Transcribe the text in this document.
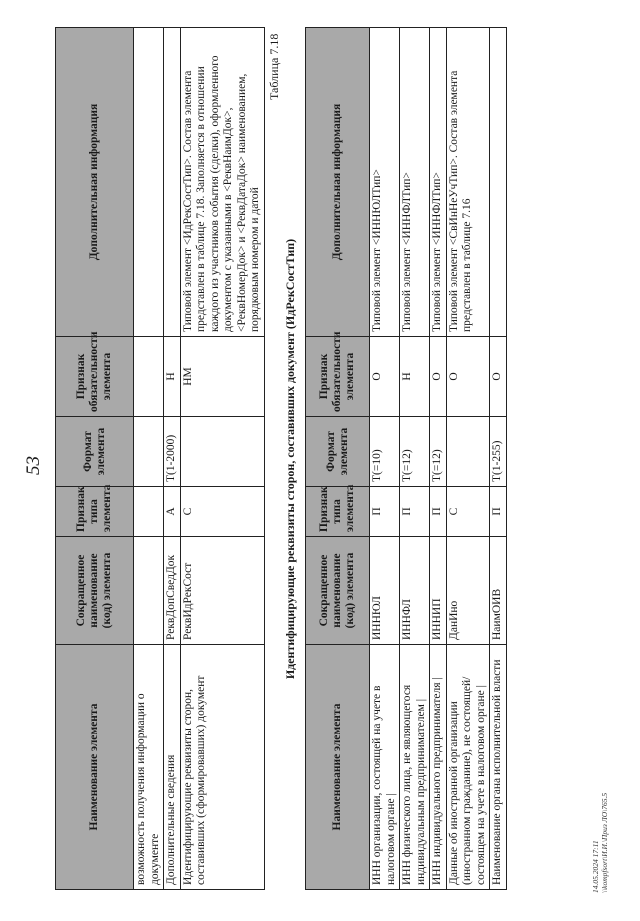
53
Наименование элемента	Сокращенное наименование (код) элемента	Признак типа элемента	Формат элемента	Признак обязательности элемента	Дополнительная информация
возможность получения информации о документе					
Дополнительные сведения	РеквДопСведДок	А	T(1-2000)	Н	
Идентифицирующие реквизиты сторон, составивших (сформировавших) документ	РеквИдРекСост	С		НМ	Типовой элемент <ИдРекСостТип>. Состав элемента представлен в таблице 7.18. Заполняется в отношении каждого из участников события (сделки), оформленного документом с указанными в <РеквНаимДок>, <РеквНомерДок> и <РеквДатаДок> наименованием, порядковым номером и датой
Таблица 7.18
Идентифицирующие реквизиты сторон, составивших документ (ИдРекСостТип)
Наименование элемента	Сокращенное наименование (код) элемента	Признак типа элемента	Формат элемента	Признак обязательности элемента	Дополнительная информация
ИНН организации, состоящей на учете в налоговом органе |	ИННЮЛ	П	T(=10)	О	Типовой элемент <ИННЮЛТип>
ИНН физического лица, не являющегося индивидуальным предпринимателем |	ИННФЛ	П	T(=12)	Н	Типовой элемент <ИННФЛТип>
ИНН индивидуального предпринимателя |	ИННИП	П	T(=12)	О	Типовой элемент <ИННФЛТип>
Данные об иностранной организации (иностранном гражданине), не состоящей/состоящем на учете в налоговом органе |	ДанИно	С		О	Типовой элемент <СвИнНеУчТип>. Состав элемента представлен в таблице 7.16
Наименование органа исполнительной власти	НаимОИВ	П	T(1-255)	О	
14.05.2024 17:11 \\kompfsort\И.И.\Приз ЛО\765.5
